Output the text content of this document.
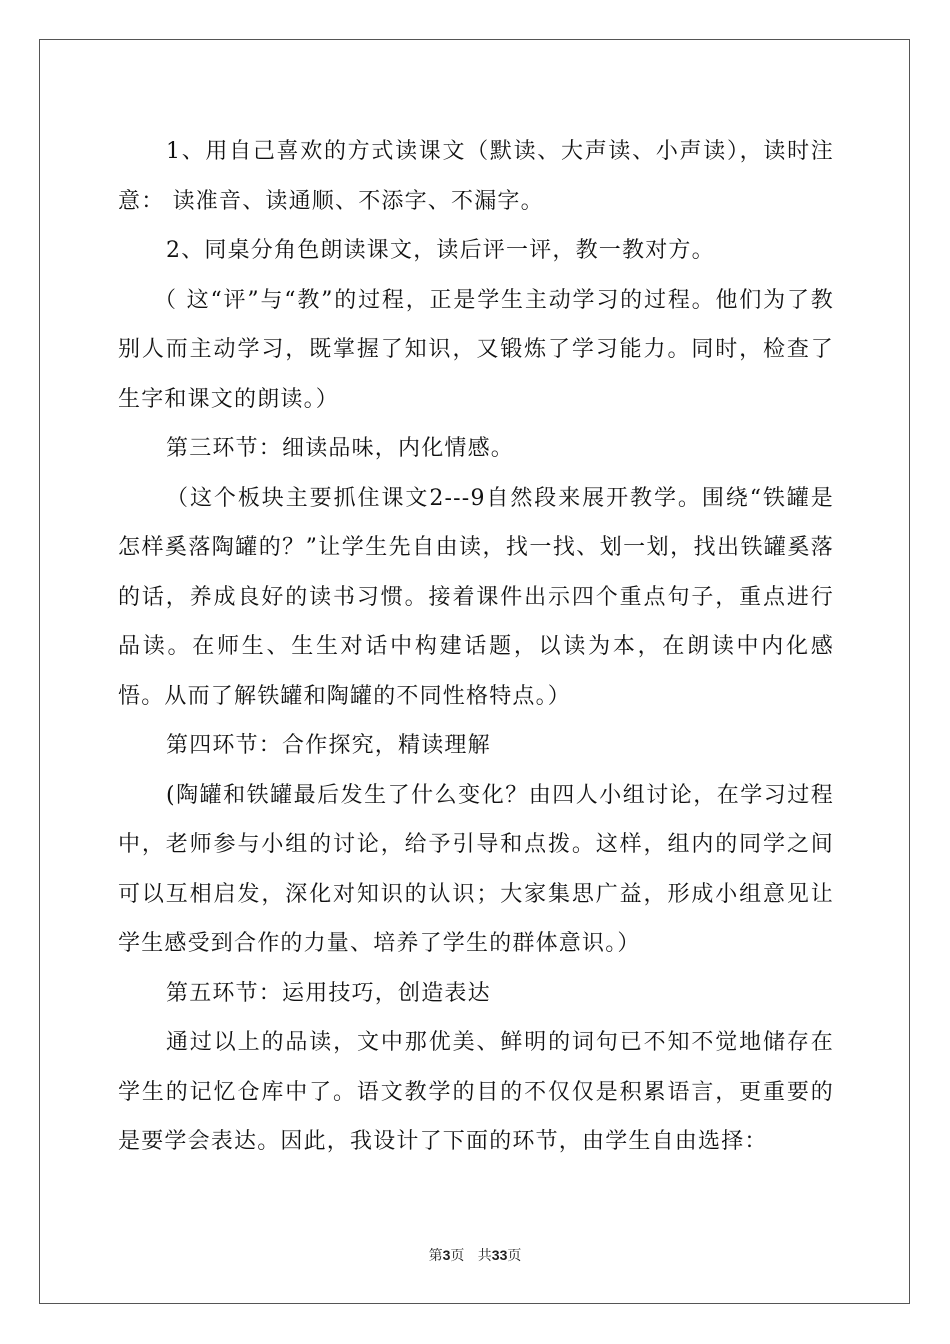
1、用自己喜欢的方式读课文（默读、大声读、小声读），读时注意： 读准音、读通顺、不添字、不漏字。

2、同桌分角色朗读课文，读后评一评，教一教对方。

（ 这“评”与“教”的过程，正是学生主动学习的过程。他们为了教别人而主动学习，既掌握了知识，又锻炼了学习能力。同时，检查了生字和课文的朗读。）

第三环节：细读品味，内化情感。

（这个板块主要抓住课文2---9自然段来展开教学。围绕“铁罐是怎样奚落陶罐的？”让学生先自由读，找一找、划一划，找出铁罐奚落的话，养成良好的读书习惯。接着课件出示四个重点句子，重点进行品读。在师生、生生对话中构建话题，以读为本，在朗读中内化感悟。从而了解铁罐和陶罐的不同性格特点。）

第四环节：合作探究，精读理解

(陶罐和铁罐最后发生了什么变化？由四人小组讨论，在学习过程中，老师参与小组的讨论，给予引导和点拨。这样，组内的同学之间可以互相启发，深化对知识的认识；大家集思广益，形成小组意见让学生感受到合作的力量、培养了学生的群体意识。）

第五环节：运用技巧，创造表达

通过以上的品读，文中那优美、鲜明的词句已不知不觉地储存在学生的记忆仓库中了。语文教学的目的不仅仅是积累语言，更重要的是要学会表达。因此，我设计了下面的环节，由学生自由选择：

第3页 共33页
